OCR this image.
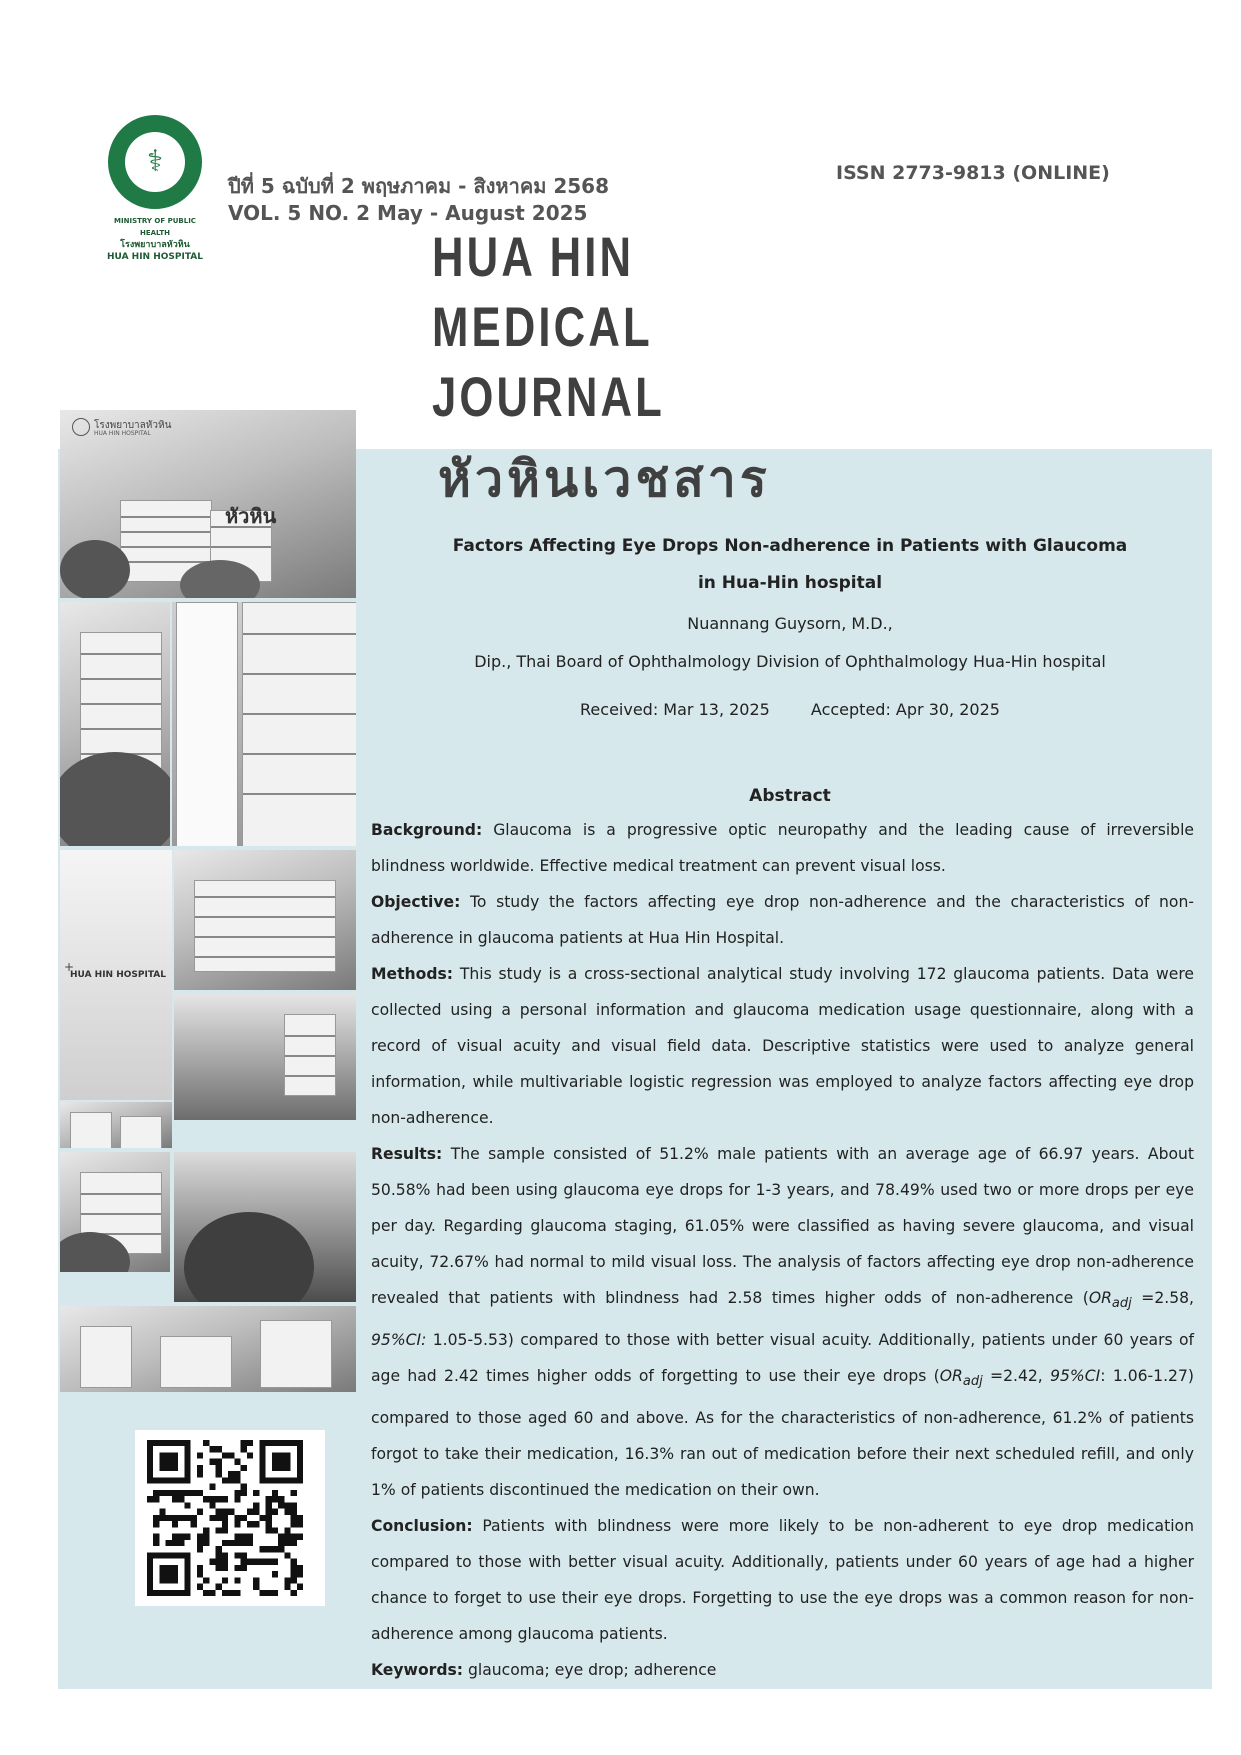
⚕
MINISTRY OF PUBLIC HEALTH
โรงพยาบาลหัวหิน
HUA HIN HOSPITAL
ปีที่ 5 ฉบับที่ 2 พฤษภาคม - สิงหาคม 2568
VOL. 5 NO. 2 May - August 2025
ISSN 2773-9813 (ONLINE)
HUA HIN
MEDICAL
JOURNAL
หัวหินเวชสาร
โรงพยาบาลหัวหิน
HUA HIN HOSPITAL
หัวหิน
HUA HIN HOSPITAL
+
Factors Affecting Eye Drops Non-adherence in Patients with Glaucoma
in Hua-Hin hospital
Nuannang Guysorn, M.D.,
Dip., Thai Board of Ophthalmology Division of Ophthalmology Hua-Hin hospital
Received: Mar 13, 2025	Accepted: Apr 30, 2025
Abstract

Background: Glaucoma is a progressive optic neuropathy and the leading cause of irreversible blindness worldwide. Effective medical treatment can prevent visual loss.

Objective: To study the factors affecting eye drop non-adherence and the characteristics of non-adherence in glaucoma patients at Hua Hin Hospital.

Methods: This study is a cross-sectional analytical study involving 172 glaucoma patients. Data were collected using a personal information and glaucoma medication usage questionnaire, along with a record of visual acuity and visual field data. Descriptive statistics were used to analyze general information, while multivariable logistic regression was employed to analyze factors affecting eye drop non-adherence.

Results: The sample consisted of 51.2% male patients with an average age of 66.97 years. About 50.58% had been using glaucoma eye drops for 1-3 years, and 78.49% used two or more drops per eye per day. Regarding glaucoma staging, 61.05% were classified as having severe glaucoma, and visual acuity, 72.67% had normal to mild visual loss. The analysis of factors affecting eye drop non-adherence revealed that patients with blindness had 2.58 times higher odds of non-adherence ($OR_{adj} =2.58$, 95%CI: 1.05-5.53) compared to those with better visual acuity. Additionally, patients under 60 years of age had 2.42 times higher odds of forgetting to use their eye drops ($OR_{adj} =2.42$, 95%CI: 1.06-1.27) compared to those aged 60 and above. As for the characteristics of non-adherence, 61.2% of patients forgot to take their medication, 16.3% ran out of medication before their next scheduled refill, and only 1% of patients discontinued the medication on their own.

Conclusion: Patients with blindness were more likely to be non-adherent to eye drop medication compared to those with better visual acuity. Additionally, patients under 60 years of age had a higher chance to forget to use their eye drops. Forgetting to use the eye drops was a common reason for non-adherence among glaucoma patients.

Keywords: glaucoma; eye drop; adherence
